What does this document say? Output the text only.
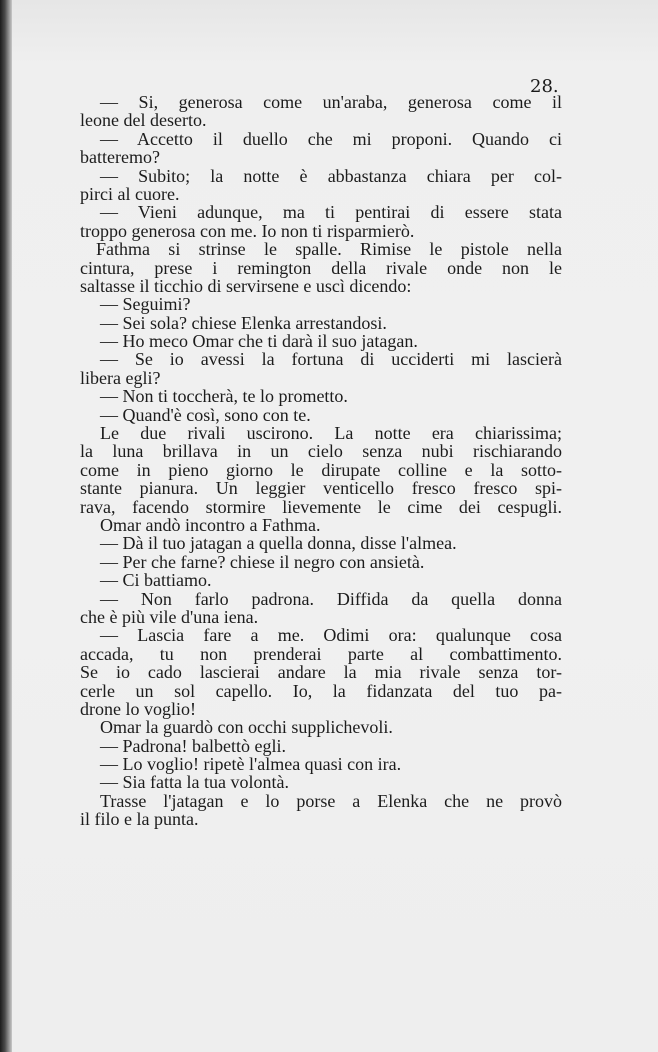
28.
— Si, generosa come un'araba, generosa come il
leone del deserto.
— Accetto il duello che mi proponi. Quando ci
batteremo?
— Subito; la notte è abbastanza chiara per col-
pirci al cuore.
— Vieni adunque, ma ti pentirai di essere stata
troppo generosa con me. Io non ti risparmierò.
Fathma si strinse le spalle. Rimise le pistole nella
cintura, prese i remington della rivale onde non le
saltasse il ticchio di servirsene e uscì dicendo:
— Seguimi?
— Sei sola? chiese Elenka arrestandosi.
— Ho meco Omar che ti darà il suo jatagan.
— Se io avessi la fortuna di ucciderti mi lascierà
libera egli?
— Non ti toccherà, te lo prometto.
— Quand'è così, sono con te.
Le due rivali uscirono. La notte era chiarissima;
la luna brillava in un cielo senza nubi rischiarando
come in pieno giorno le dirupate colline e la sotto-
stante pianura. Un leggier venticello fresco fresco spi-
rava, facendo stormire lievemente le cime dei cespugli.
Omar andò incontro a Fathma.
— Dà il tuo jatagan a quella donna, disse l'almea.
— Per che farne? chiese il negro con ansietà.
— Ci battiamo.
— Non farlo padrona. Diffida da quella donna
che è più vile d'una iena.
— Lascia fare a me. Odimi ora: qualunque cosa
accada, tu non prenderai parte al combattimento.
Se io cado lascierai andare la mia rivale senza tor-
cerle un sol capello. Io, la fidanzata del tuo pa-
drone lo voglio!
Omar la guardò con occhi supplichevoli.
— Padrona! balbettò egli.
— Lo voglio! ripetè l'almea quasi con ira.
— Sia fatta la tua volontà.
Trasse l'jatagan e lo porse a Elenka che ne provò
il filo e la punta.
